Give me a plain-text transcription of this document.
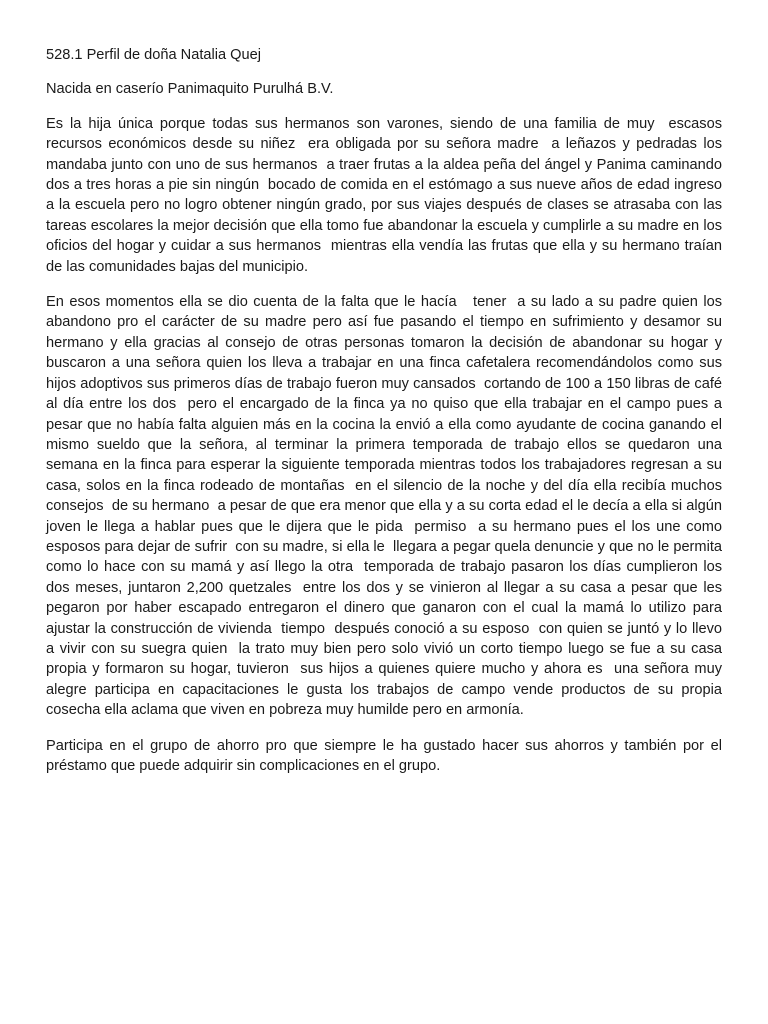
528.1 Perfil de doña Natalia Quej

Nacida en caserío Panimaquito Purulhá B.V.

Es la hija única porque todas sus hermanos son varones, siendo de una familia de muy  escasos recursos económicos desde su niñez  era obligada por su señora madre  a leñazos y pedradas los mandaba junto con uno de sus hermanos  a traer frutas a la aldea peña del ángel y Panima caminando dos a tres horas a pie sin ningún  bocado de comida en el estómago a sus nueve años de edad ingreso a la escuela pero no logro obtener ningún grado, por sus viajes después de clases se atrasaba con las tareas escolares la mejor decisión que ella tomo fue abandonar la escuela y cumplirle a su madre en los oficios del hogar y cuidar a sus hermanos  mientras ella vendía las frutas que ella y su hermano traían de las comunidades bajas del municipio.

En esos momentos ella se dio cuenta de la falta que le hacía   tener  a su lado a su padre quien los abandono pro el carácter de su madre pero así fue pasando el tiempo en sufrimiento y desamor su hermano y ella gracias al consejo de otras personas tomaron la decisión de abandonar su hogar y buscaron a una señora quien los lleva a trabajar en una finca cafetalera recomendándolos como sus hijos adoptivos sus primeros días de trabajo fueron muy cansados  cortando de 100 a 150 libras de café al día entre los dos  pero el encargado de la finca ya no quiso que ella trabajar en el campo pues a pesar que no había falta alguien más en la cocina la envió a ella como ayudante de cocina ganando el mismo sueldo que la señora, al terminar la primera temporada de trabajo ellos se quedaron una  semana en la finca para esperar la siguiente temporada mientras todos los trabajadores regresan a su casa, solos en la finca rodeado de montañas  en el silencio de la noche y del día ella recibía muchos consejos  de su hermano  a pesar de que era menor que ella y a su corta edad el le decía a ella si algún joven le llega a hablar pues que le dijera que le pida  permiso  a su hermano pues el los une como esposos para dejar de sufrir  con su madre, si ella le  llegara a pegar quela denuncie y que no le permita como lo hace con su mamá y así llego la otra  temporada de trabajo pasaron los días cumplieron los dos meses, juntaron 2,200 quetzales  entre los dos y se vinieron al llegar a su casa a pesar que les pegaron por haber escapado entregaron el dinero que ganaron con el cual la mamá lo utilizo para ajustar la construcción de vivienda  tiempo  después conoció a su esposo  con quien se juntó y lo llevo  a vivir con su suegra quien  la trato muy bien pero solo vivió un corto tiempo luego se fue a su casa propia y formaron su hogar, tuvieron  sus hijos a quienes quiere mucho y ahora es  una señora muy alegre participa en capacitaciones le gusta los trabajos de campo vende productos de su propia cosecha ella aclama que viven en pobreza muy humilde pero en armonía.

Participa en el grupo de ahorro pro que siempre le ha gustado hacer sus ahorros y también por el préstamo que puede adquirir sin complicaciones en el grupo.
